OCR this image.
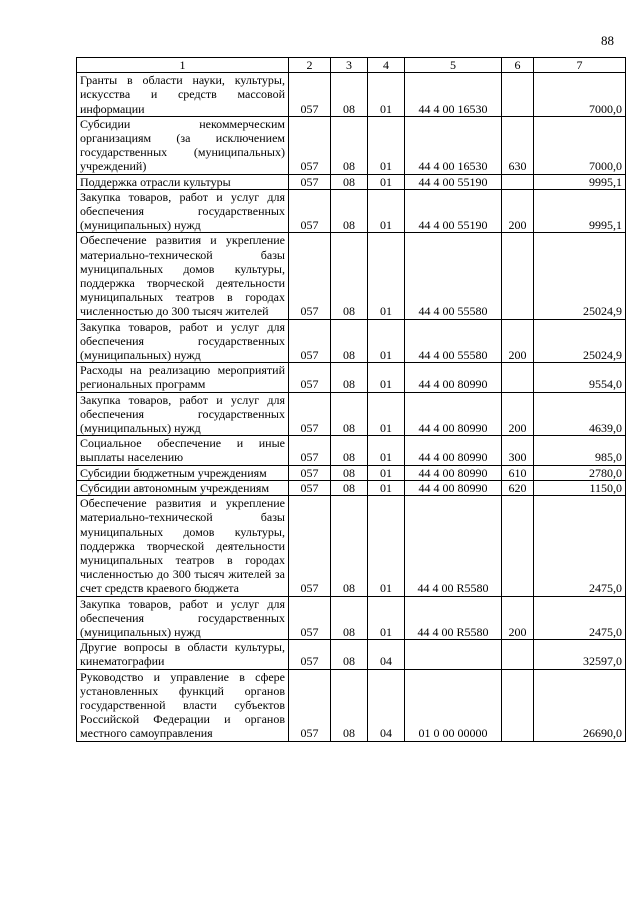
88
1	2	3	4	5	6	7
Гранты в области науки, культуры, искусства и средств массовой информации	057	08	01	44 4 00 16530		7000,0
Субсидии некоммерческим организациям (за исключением государственных (муниципальных) учреждений)	057	08	01	44 4 00 16530	630	7000,0
Поддержка отрасли культуры	057	08	01	44 4 00 55190		9995,1
Закупка товаров, работ и услуг для обеспечения государственных (муниципальных) нужд	057	08	01	44 4 00 55190	200	9995,1
Обеспечение развития и укрепление материально-технической базы муниципальных домов культуры, поддержка творческой деятельности муниципальных театров в городах численностью до 300 тысяч жителей	057	08	01	44 4 00 55580		25024,9
Закупка товаров, работ и услуг для обеспечения государственных (муниципальных) нужд	057	08	01	44 4 00 55580	200	25024,9
Расходы на реализацию мероприятий региональных программ	057	08	01	44 4 00 80990		9554,0
Закупка товаров, работ и услуг для обеспечения государственных (муниципальных) нужд	057	08	01	44 4 00 80990	200	4639,0
Социальное обеспечение и иные выплаты населению	057	08	01	44 4 00 80990	300	985,0
Субсидии бюджетным учреждениям	057	08	01	44 4 00 80990	610	2780,0
Субсидии автономным учреждениям	057	08	01	44 4 00 80990	620	1150,0
Обеспечение развития и укрепление материально-технической базы муниципальных домов культуры, поддержка творческой деятельности муниципальных театров в городах численностью до 300 тысяч жителей за счет средств краевого бюджета	057	08	01	44 4 00 R5580		2475,0
Закупка товаров, работ и услуг для обеспечения государственных (муниципальных) нужд	057	08	01	44 4 00 R5580	200	2475,0
Другие вопросы в области культуры, кинематографии	057	08	04			32597,0
Руководство и управление в сфере установленных функций органов государственной власти субъектов Российской Федерации и органов местного самоуправления	057	08	04	01 0 00 00000		26690,0
